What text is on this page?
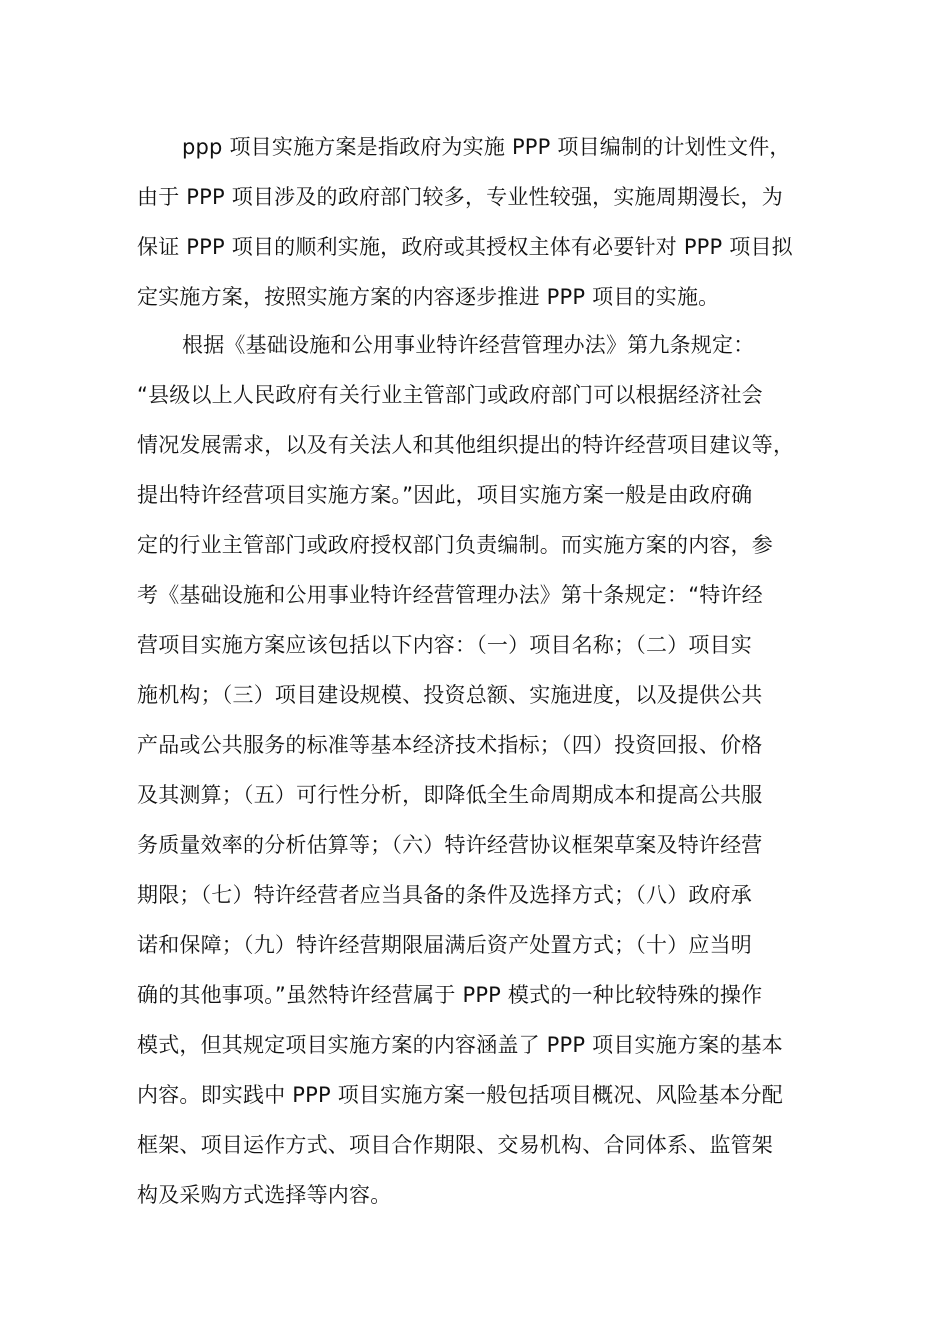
ppp 项目实施方案是指政府为实施 PPP 项目编制的计划性文件，
由于 PPP 项目涉及的政府部门较多，专业性较强，实施周期漫长，为
保证 PPP 项目的顺利实施，政府或其授权主体有必要针对 PPP 项目拟
定实施方案，按照实施方案的内容逐步推进 PPP 项目的实施。
根据《基础设施和公用事业特许经营管理办法》第九条规定：
“县级以上人民政府有关行业主管部门或政府部门可以根据经济社会
情况发展需求，以及有关法人和其他组织提出的特许经营项目建议等，
提出特许经营项目实施方案。”因此，项目实施方案一般是由政府确
定的行业主管部门或政府授权部门负责编制。而实施方案的内容，参
考《基础设施和公用事业特许经营管理办法》第十条规定：“特许经
营项目实施方案应该包括以下内容：（一）项目名称；（二）项目实
施机构；（三）项目建设规模、投资总额、实施进度，以及提供公共
产品或公共服务的标准等基本经济技术指标；（四）投资回报、价格
及其测算；（五）可行性分析，即降低全生命周期成本和提高公共服
务质量效率的分析估算等；（六）特许经营协议框架草案及特许经营
期限；（七）特许经营者应当具备的条件及选择方式；（八）政府承
诺和保障；（九）特许经营期限届满后资产处置方式；（十）应当明
确的其他事项。”虽然特许经营属于 PPP 模式的一种比较特殊的操作
模式，但其规定项目实施方案的内容涵盖了 PPP 项目实施方案的基本
内容。即实践中 PPP 项目实施方案一般包括项目概况、风险基本分配
框架、项目运作方式、项目合作期限、交易机构、合同体系、监管架
构及采购方式选择等内容。
